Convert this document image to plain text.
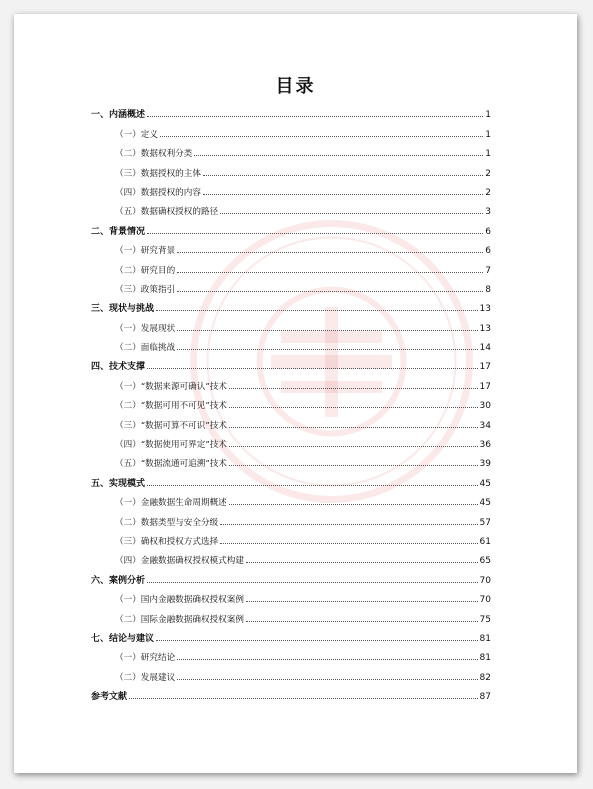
目录
一、内涵概述	1
（一）定义	1
（二）数据权利分类	1
（三）数据授权的主体	2
（四）数据授权的内容	2
（五）数据确权授权的路径	3
二、背景情况	6
（一）研究背景	6
（二）研究目的	7
（三）政策指引	8
三、现状与挑战	13
（一）发展现状	13
（二）面临挑战	14
四、技术支撑	17
（一）“数据来源可确认”技术	17
（二）“数据可用不可见”技术	30
（三）“数据可算不可识”技术	34
（四）“数据使用可界定”技术	36
（五）“数据流通可追溯”技术	39
五、实现模式	45
（一）金融数据生命周期概述	45
（二）数据类型与安全分级	57
（三）确权和授权方式选择	61
（四）金融数据确权授权模式构建	65
六、案例分析	70
（一）国内金融数据确权授权案例	70
（二）国际金融数据确权授权案例	75
七、结论与建议	81
（一）研究结论	81
（二）发展建议	82
参考文献	87
